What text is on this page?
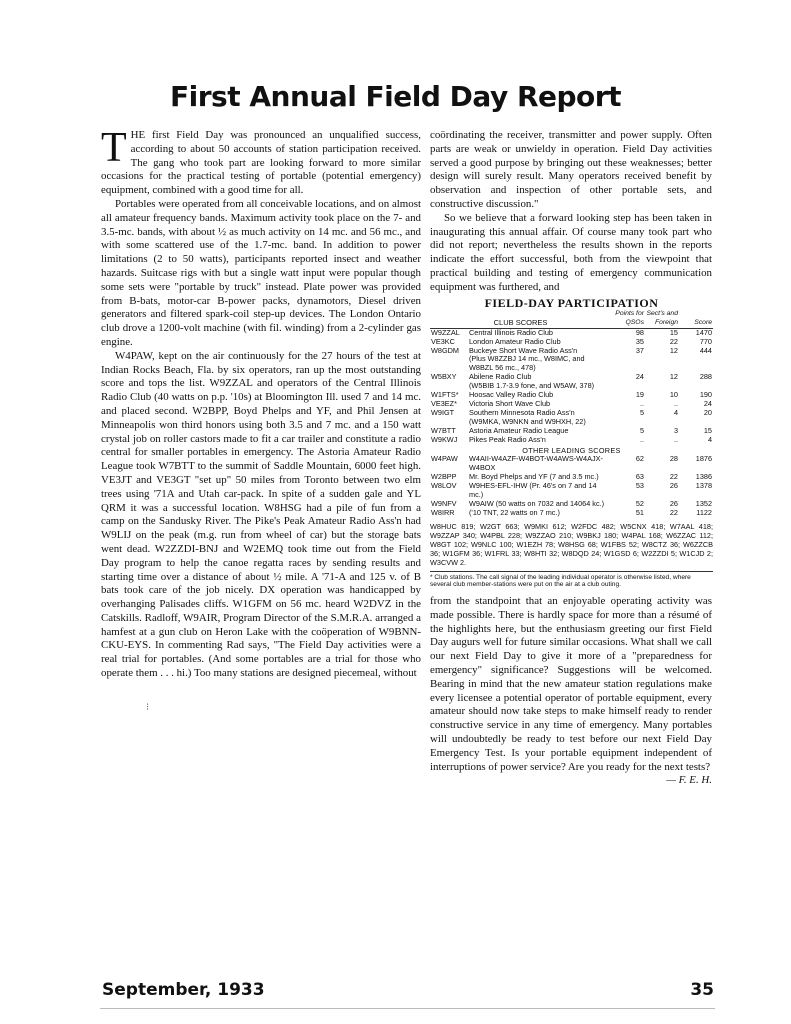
First Annual Field Day Report

THE first Field Day was pronounced an unqualified success, according to about 50 accounts of station participation received. The gang who took part are looking forward to more similar occasions for the practical testing of portable (potential emergency) equipment, combined with a good time for all.

Portables were operated from all conceivable locations, and on almost all amateur frequency bands. Maximum activity took place on the 7- and 3.5-mc. bands, with about ½ as much activity on 14 mc. and 56 mc., and with some scattered use of the 1.7-mc. band. In addition to power limitations (2 to 50 watts), participants reported insect and weather hazards. Suitcase rigs with but a single watt input were popular though some sets were "portable by truck" instead. Plate power was provided from B-bats, motor-car B-power packs, dynamotors, Diesel driven generators and filtered spark-coil step-up devices. The London Ontario club drove a 1200-volt machine (with fil. winding) from a 2-cylinder gas engine.

W4PAW, kept on the air continuously for the 27 hours of the test at Indian Rocks Beach, Fla. by six operators, ran up the most outstanding score and tops the list. W9ZZAL and operators of the Central Illinois Radio Club (40 watts on p.p. '10s) at Bloomington Ill. used 7 and 14 mc. and placed second. W2BPP, Boyd Phelps and YF, and Phil Jensen at Minneapolis won third honors using both 3.5 and 7 mc. and a 150 watt crystal job on roller castors made to fit a car trailer and constitute a radio central for smaller portables in emergency. The Astoria Amateur Radio League took W7BTT to the summit of Saddle Mountain, 6000 feet high. VE3JT and VE3GT "set up" 50 miles from Toronto between two elm trees using '71A and Utah car-pack. In spite of a sudden gale and YL QRM it was a successful location. W8HSG had a pile of fun from a camp on the Sandusky River. The Pike's Peak Amateur Radio Ass'n had W9LIJ on the peak (m.g. run from wheel of car) but the storage bats went dead. W2ZZDI-BNJ and W2EMQ took time out from the Field Day program to help the canoe regatta races by sending results and starting time over a distance of about ½ mile. A '71-A and 125 v. of B bats took care of the job nicely. DX operation was handicapped by overhanging Palisades cliffs. W1GFM on 56 mc. heard W2DVZ in the Catskills. Radloff, W9AIR, Program Director of the S.M.R.A. arranged a hamfest at a gun club on Heron Lake with the coöperation of W9BNN-CKU-EYS. In commenting Rad says, "The Field Day activities were a real trial for portables. (And some portables are a trial for those who operate them . . . hi.) Too many stations are designed piecemeal, without

coördinating the receiver, transmitter and power supply. Often parts are weak or unwieldy in operation. Field Day activities served a good purpose by bringing out these weaknesses; better design will surely result. Many operators received benefit by observation and inspection of other portable sets, and constructive discussion."

So we believe that a forward looking step has been taken in inaugurating this annual affair. Of course many took part who did not report; nevertheless the results shown in the reports indicate the effort successful, both from the viewpoint that practical building and testing of emergency communication equipment was furthered, and

FIELD-DAY PARTICIPATION
CLUB SCORES		Points for QSOs	Sect's and Foreign	Score
W9ZZAL	Central Illinois Radio Club	98	15	1470
VE3KC	London Amateur Radio Club	35	22	770
W8GDM	Buckeye Short Wave Radio Ass'n	37	12	444
	(Plus W8ZZBJ 14 mc., W8IMC, and W8BZL 56 mc., 478)			
W5BXY	Abilene Radio Club	24	12	288
	(W5BIB 1.7-3.9 fone, and W5AW, 378)			
W1FTS*	Hoosac Valley Radio Club	19	10	190
VE3EZ*	Victoria Short Wave Club	..	..	24
W9IGT	Southern Minnesota Radio Ass'n	5	4	20
	(W9MKA, W9NKN and W9HXH, 22)			
W7BTT	Astoria Amateur Radio League	5	3	15
W9KWJ	Pikes Peak Radio Ass'n	..	..	4
OTHER LEADING SCORES				
W4PAW	W4AII-W4AZF-W4BOT-W4AWS-W4AJX-W4BOX	62	28	1876
W2BPP	Mr. Boyd Phelps and YF (7 and 3.5 mc.)	63	22	1386
W8LOV	W9HES-EFL-IHW (Pr. 46's on 7 and 14 mc.)	53	26	1378
W9NFV	W9AIW (50 watts on 7032 and 14064 kc.)	52	26	1352
W8IRR	('10 TNT, 22 watts on 7 mc.)	51	22	1122

W8HUC 819; W2GT 663; W9MKI 612; W2FDC 482; W5CNX 418; W7AAL 418; W9ZZAP 340; W4PBL 228; W9ZZAO 210; W9BKJ 180; W4PAL 168; W6ZZAC 112; W8GT 102; W9NLC 100; W1EZH 78; W8HSG 68; W1FBS 52; W8CTZ 36; W6ZZCB 36; W1GFM 36; W1FRL 33; W8HTI 32; W8DQD 24; W1GSD 6; W2ZZDI 5; W1CJD 2; W3CVW 2.

* Club stations. The call signal of the leading individual operator is otherwise listed, where several club member-stations were put on the air at a club outing.

from the standpoint that an enjoyable operating activity was made possible. There is hardly space for more than a résumé of the highlights here, but the enthusiasm greeting our first Field Day augurs well for future similar occasions. What shall we call our next Field Day to give it more of a "preparedness for emergency" significance? Suggestions will be welcomed. Bearing in mind that the new amateur station regulations make every licensee a potential operator of portable equipment, every amateur should now take steps to make himself ready to render constructive service in any time of emergency. Many portables will undoubtedly be ready to test before our next Field Day Emergency Test. Is your portable equipment independent of interruptions of power service? Are you ready for the next tests?

— F. E. H.

⁝
September, 1933	35
